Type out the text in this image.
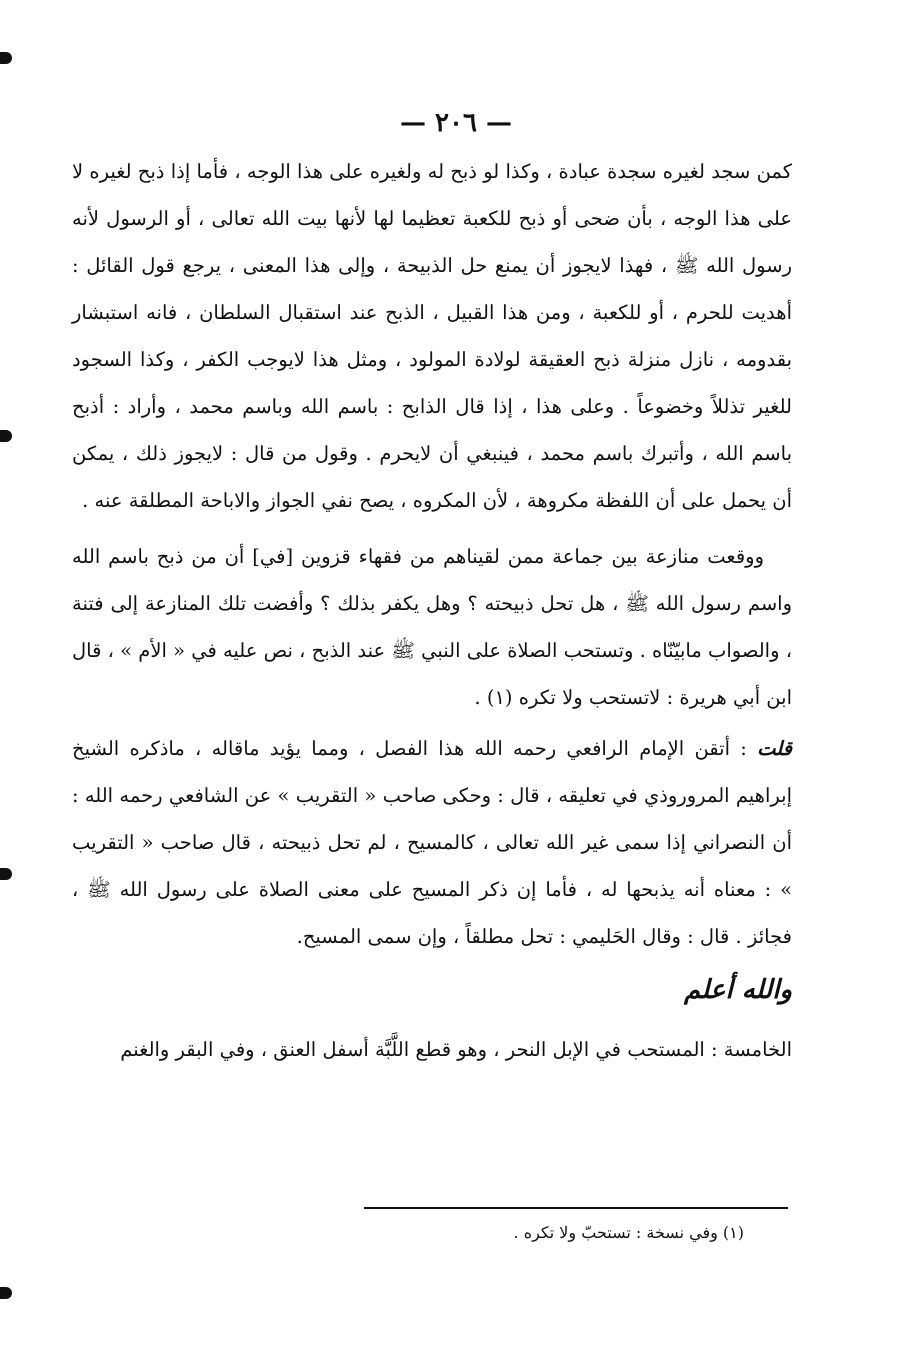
— ٢٠٦ —

كمن سجد لغيره سجدة عبادة ، وكذا لو ذبح له ولغيره على هذا الوجه ، فأما إذا ذبح لغيره لا على هذا الوجه ، بأن ضحى أو ذبح للكعبة تعظيما لها لأنها بيت الله تعالى ، أو الرسول لأنه رسول الله ﷺ ، فهذا لايجوز أن يمنع حل الذبيحة ، وإلى هذا المعنى ، يرجع قول القائل : أهديت للحرم ، أو للكعبة ، ومن هذا القبيل ، الذبح عند استقبال السلطان ، فانه استبشار بقدومه ، نازل منزلة ذبح العقيقة لولادة المولود ، ومثل هذا لايوجب الكفر ، وكذا السجود للغير تذللاً وخضوعاً . وعلى هذا ، إذا قال الذابح : باسم الله وباسم محمد ، وأراد : أذبح باسم الله ، وأتبرك باسم محمد ، فينبغي أن لايحرم . وقول من قال : لايجوز ذلك ، يمكن أن يحمل على أن اللفظة مكروهة ، لأن المكروه ، يصح نفي الجواز والاباحة المطلقة عنه .

ووقعت منازعة بين جماعة ممن لقيناهم من فقهاء قزوين [في] أن من ذبح باسم الله واسم رسول الله ﷺ ، هل تحل ذبيحته ؟ وهل يكفر بذلك ؟ وأفضت تلك المنازعة إلى فتنة ، والصواب مابيّنّاه . وتستحب الصلاة على النبي ﷺ عند الذبح ، نص عليه في « الأم » ، قال ابن أبي هريرة : لاتستحب ولا تكره (١) .

قلت : أتقن الإمام الرافعي رحمه الله هذا الفصل ، ومما يؤيد ماقاله ، ماذكره الشيخ إبراهيم المروروذي في تعليقه ، قال : وحكى صاحب « التقريب » عن الشافعي رحمه الله : أن النصراني إذا سمى غير الله تعالى ، كالمسيح ، لم تحل ذبيحته ، قال صاحب « التقريب » : معناه أنه يذبحها له ، فأما إن ذكر المسيح على معنى الصلاة على رسول الله ﷺ ، فجائز . قال : وقال الحَليمي : تحل مطلقاً ، وإن سمى المسيح.

والله أعلم

الخامسة : المستحب في الإبل النحر ، وهو قطع اللَّبَّة أسفل العنق ، وفي البقر والغنم

(١) وفي نسخة : تستحبّ ولا تكره .
